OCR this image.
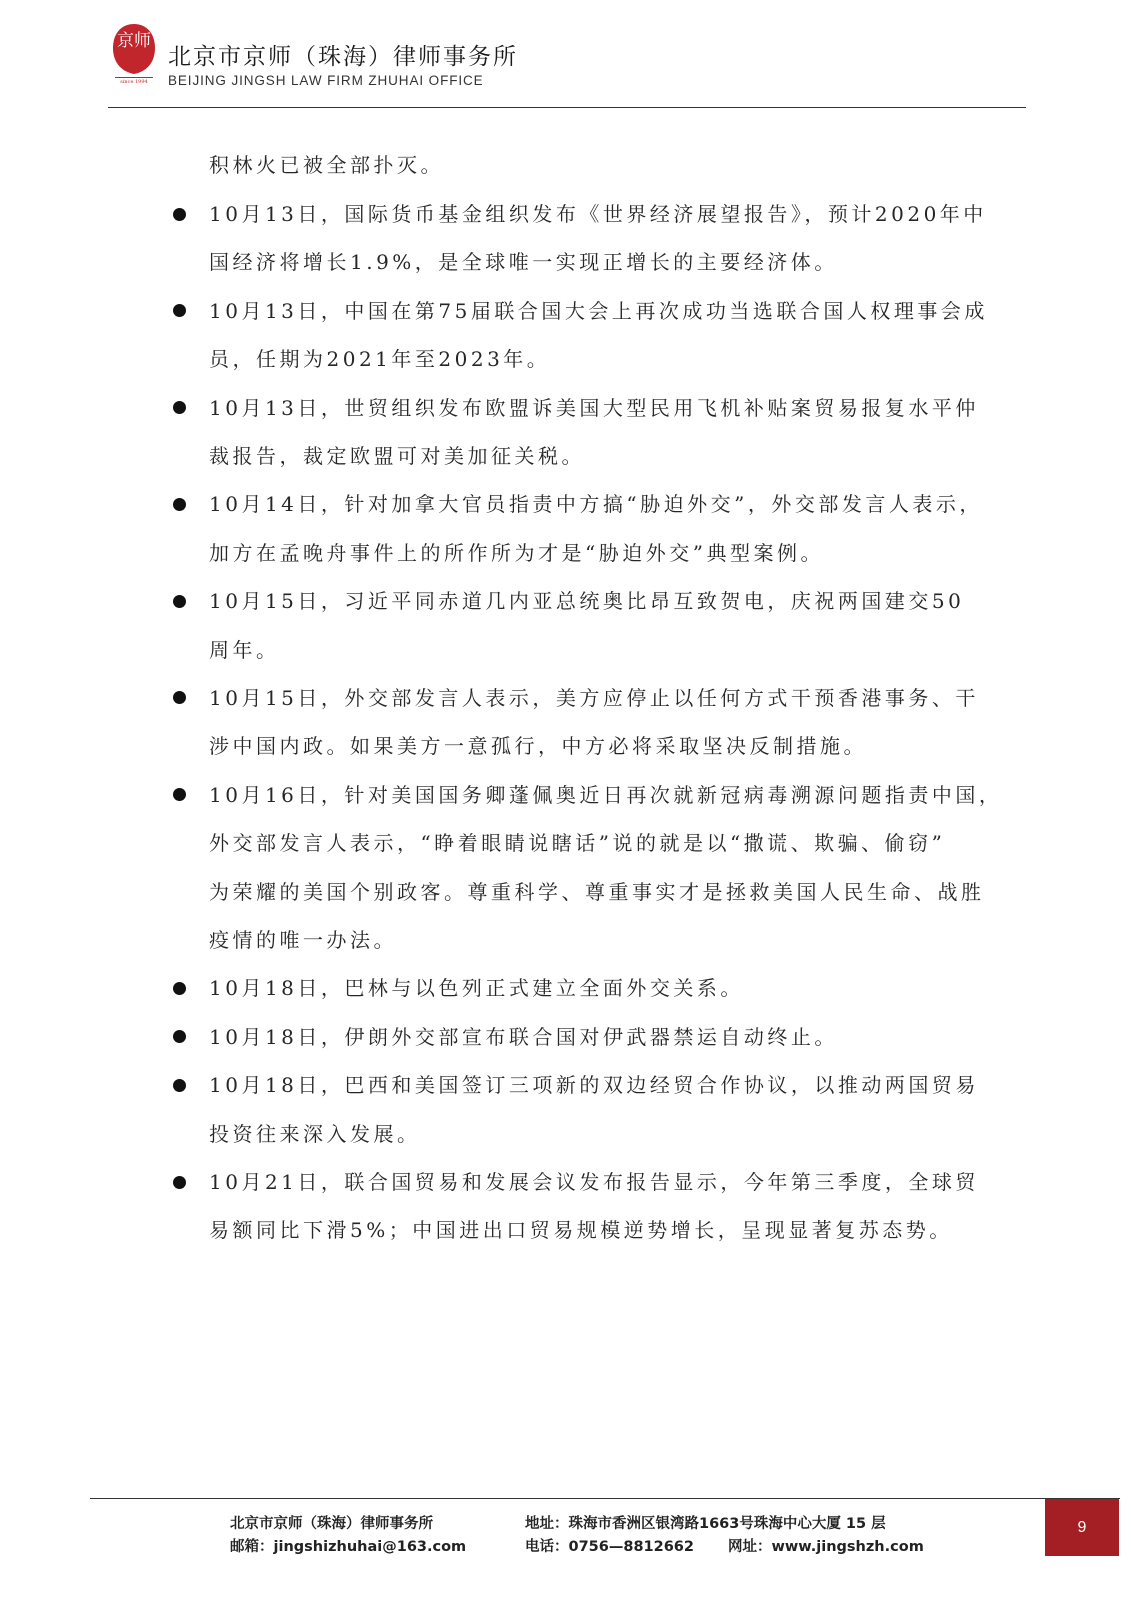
京师
since 1994
北京市京师（珠海）律师事务所
BEIJING JINGSH LAW FIRM ZHUHAI OFFICE
积林火已被全部扑灭。
10月13日，国际货币基金组织发布《世界经济展望报告》，预计2020年中
国经济将增长1.9%，是全球唯一实现正增长的主要经济体。
10月13日，中国在第75届联合国大会上再次成功当选联合国人权理事会成
员，任期为2021年至2023年。
10月13日，世贸组织发布欧盟诉美国大型民用飞机补贴案贸易报复水平仲
裁报告，裁定欧盟可对美加征关税。
10月14日，针对加拿大官员指责中方搞“胁迫外交”，外交部发言人表示，
加方在孟晚舟事件上的所作所为才是“胁迫外交”典型案例。
10月15日，习近平同赤道几内亚总统奥比昂互致贺电，庆祝两国建交50
周年。
10月15日，外交部发言人表示，美方应停止以任何方式干预香港事务、干
涉中国内政。如果美方一意孤行，中方必将采取坚决反制措施。
10月16日，针对美国国务卿蓬佩奥近日再次就新冠病毒溯源问题指责中国，
外交部发言人表示，“睁着眼睛说瞎话”说的就是以“撒谎、欺骗、偷窃”
为荣耀的美国个别政客。尊重科学、尊重事实才是拯救美国人民生命、战胜
疫情的唯一办法。
10月18日，巴林与以色列正式建立全面外交关系。
10月18日，伊朗外交部宣布联合国对伊武器禁运自动终止。
10月18日，巴西和美国签订三项新的双边经贸合作协议，以推动两国贸易
投资往来深入发展。
10月21日，联合国贸易和发展会议发布报告显示，今年第三季度，全球贸
易额同比下滑5%；中国进出口贸易规模逆势增长，呈现显著复苏态势。
北京市京师（珠海）律师事务所
邮箱：jingshizhuhai@163.com
地址：珠海市香洲区银湾路1663号珠海中心大厦 15 层
电话：0756—8812662 网址：www.jingshzh.com
9
